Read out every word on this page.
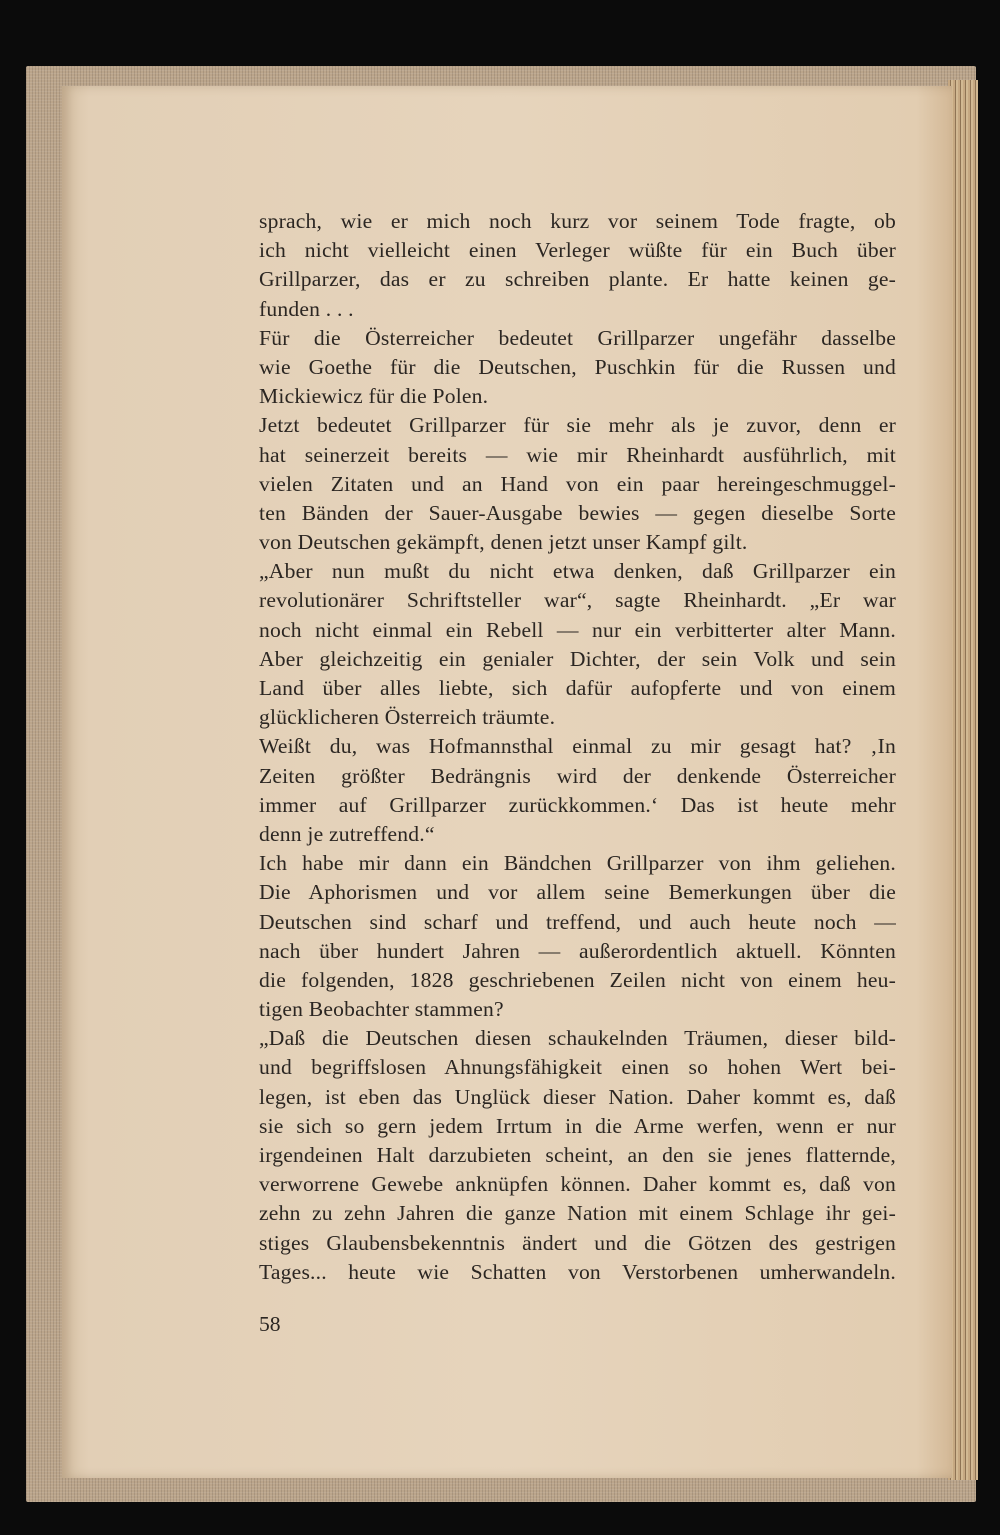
sprach, wie er mich noch kurz vor seinem Tode fragte, ob
ich nicht vielleicht einen Verleger wüßte für ein Buch über
Grillparzer, das er zu schreiben plante. Er hatte keinen ge-
funden . . .
Für die Österreicher bedeutet Grillparzer ungefähr dasselbe
wie Goethe für die Deutschen, Puschkin für die Russen und
Mickiewicz für die Polen.
Jetzt bedeutet Grillparzer für sie mehr als je zuvor, denn er
hat seinerzeit bereits — wie mir Rheinhardt ausführlich, mit
vielen Zitaten und an Hand von ein paar hereingeschmuggel-
ten Bänden der Sauer-Ausgabe bewies — gegen dieselbe Sorte
von Deutschen gekämpft, denen jetzt unser Kampf gilt.
„Aber nun mußt du nicht etwa denken, daß Grillparzer ein
revolutionärer Schriftsteller war“, sagte Rheinhardt. „Er war
noch nicht einmal ein Rebell — nur ein verbitterter alter Mann.
Aber gleichzeitig ein genialer Dichter, der sein Volk und sein
Land über alles liebte, sich dafür aufopferte und von einem
glücklicheren Österreich träumte.
Weißt du, was Hofmannsthal einmal zu mir gesagt hat? ‚In
Zeiten größter Bedrängnis wird der denkende Österreicher
immer auf Grillparzer zurückkommen.‘ Das ist heute mehr
denn je zutreffend.“
Ich habe mir dann ein Bändchen Grillparzer von ihm geliehen.
Die Aphorismen und vor allem seine Bemerkungen über die
Deutschen sind scharf und treffend, und auch heute noch —
nach über hundert Jahren — außerordentlich aktuell. Könnten
die folgenden, 1828 geschriebenen Zeilen nicht von einem heu-
tigen Beobachter stammen?
„Daß die Deutschen diesen schaukelnden Träumen, dieser bild-
und begriffslosen Ahnungsfähigkeit einen so hohen Wert bei-
legen, ist eben das Unglück dieser Nation. Daher kommt es, daß
sie sich so gern jedem Irrtum in die Arme werfen, wenn er nur
irgendeinen Halt darzubieten scheint, an den sie jenes flatternde,
verworrene Gewebe anknüpfen können. Daher kommt es, daß von
zehn zu zehn Jahren die ganze Nation mit einem Schlage ihr gei-
stiges Glaubensbekenntnis ändert und die Götzen des gestrigen
Tages... heute wie Schatten von Verstorbenen umherwandeln.
58
